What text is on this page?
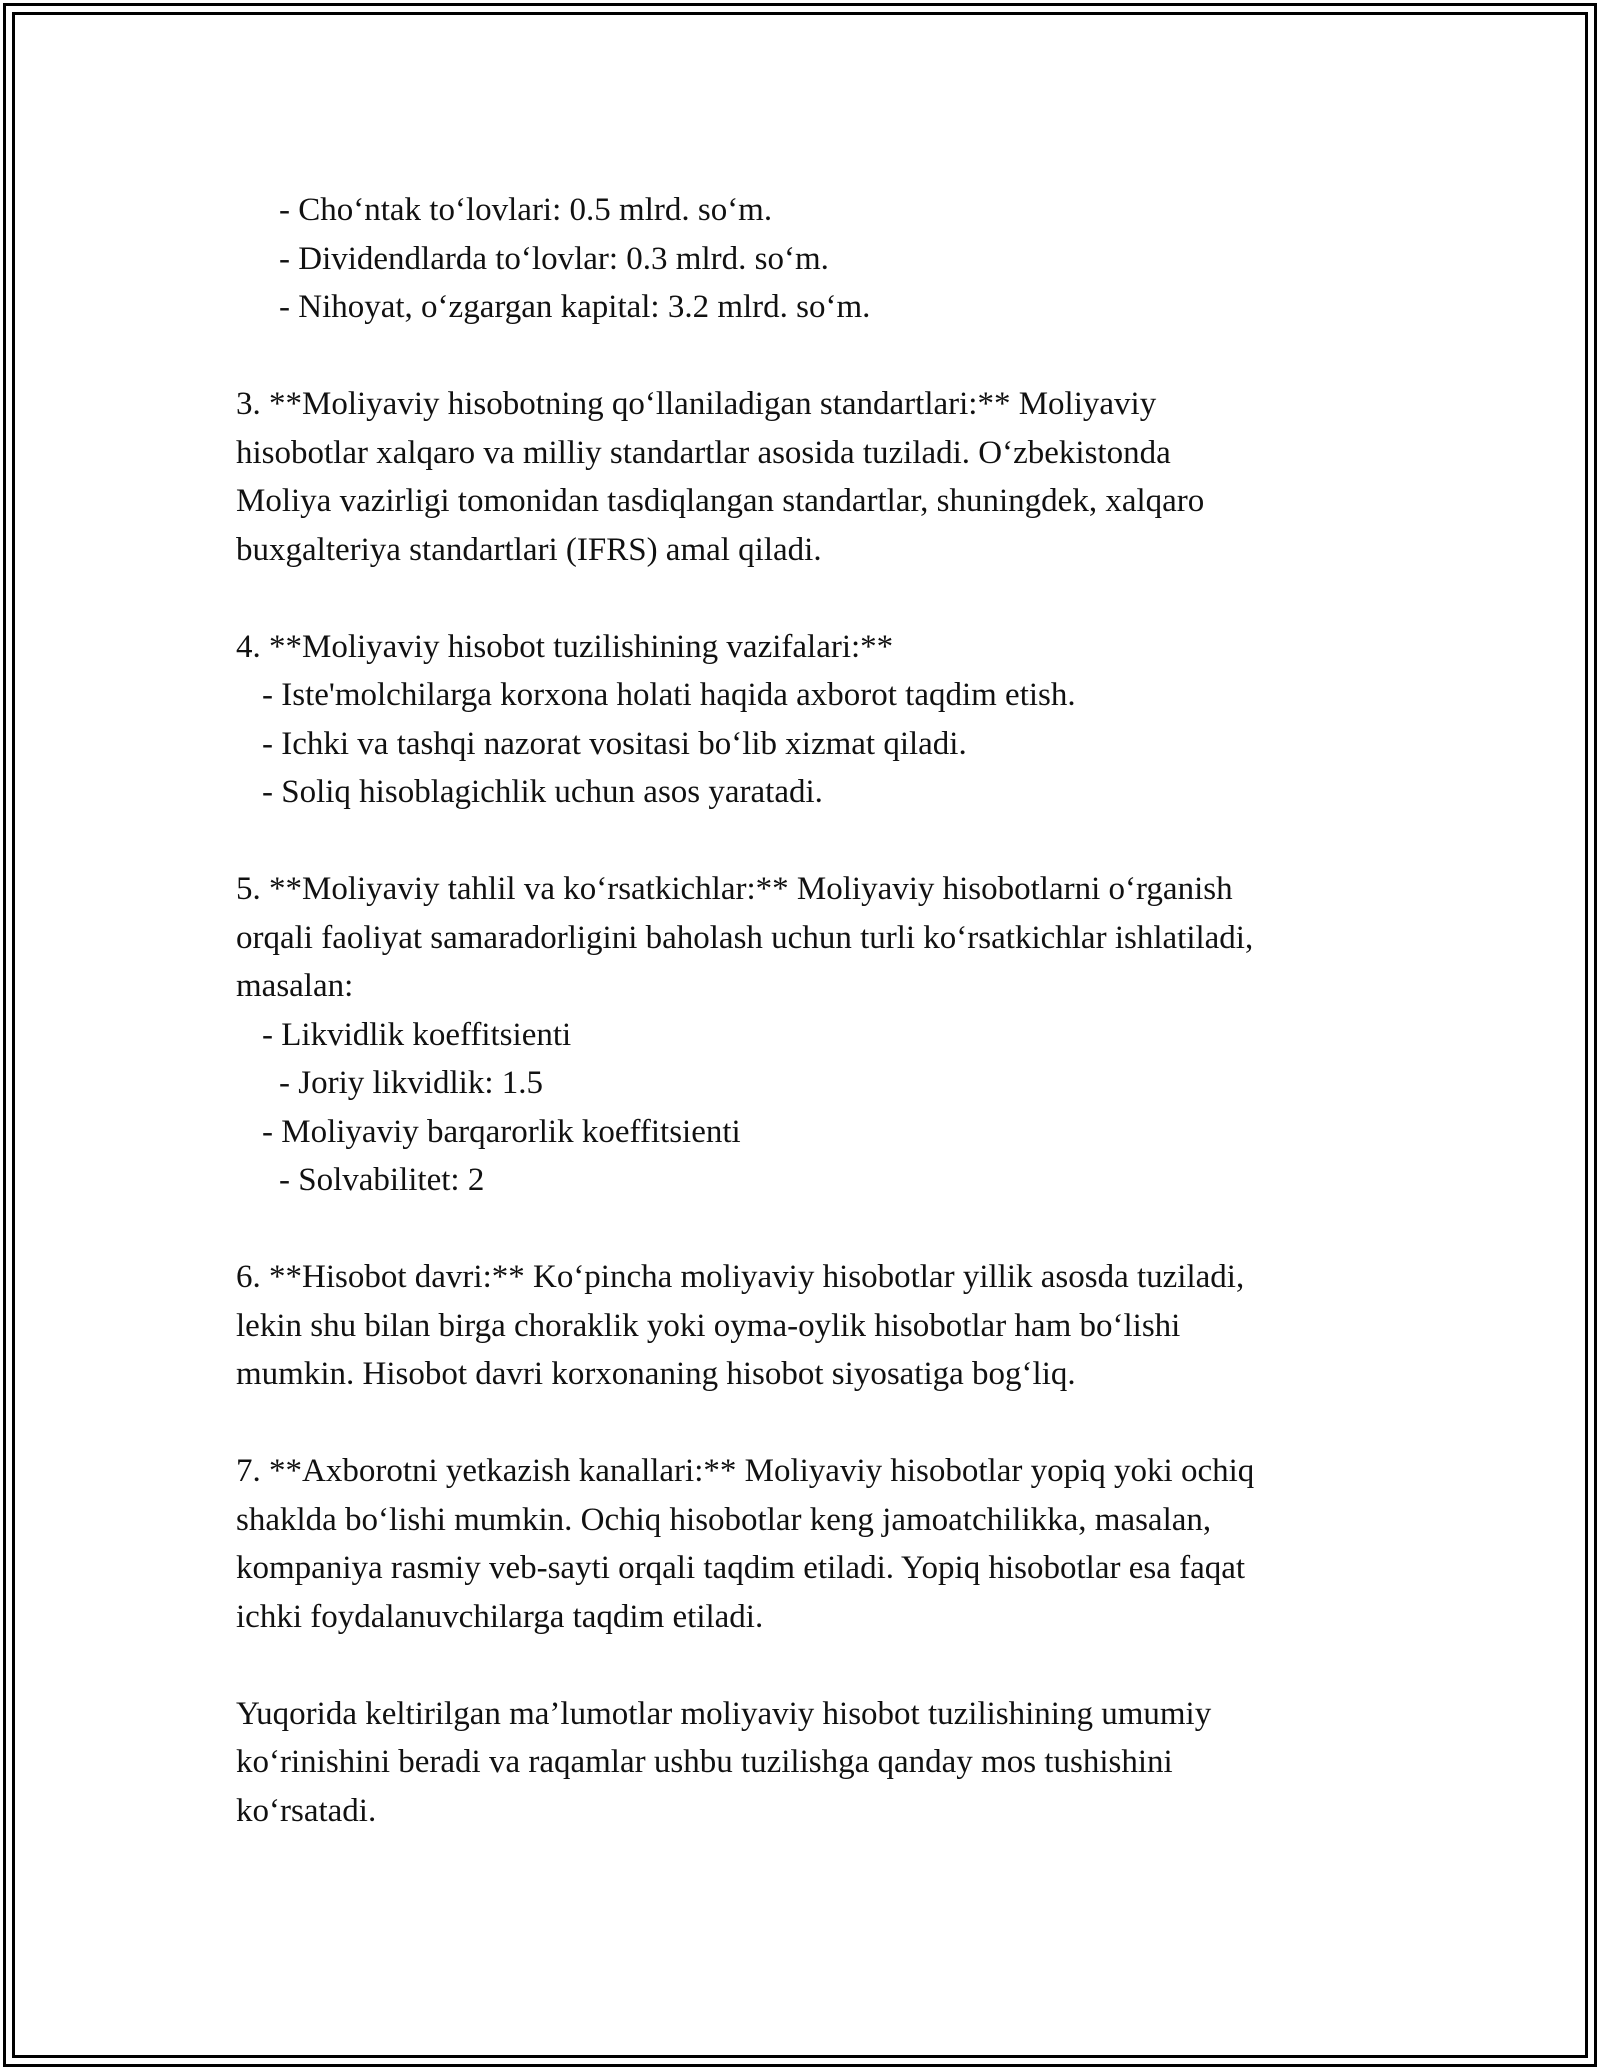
- Cho‘ntak to‘lovlari: 0.5 mlrd. so‘m.
- Dividendlarda to‘lovlar: 0.3 mlrd. so‘m.
- Nihoyat, o‘zgargan kapital: 3.2 mlrd. so‘m.
3. **Moliyaviy hisobotning qo‘llaniladigan standartlari:** Moliyaviy
hisobotlar xalqaro va milliy standartlar asosida tuziladi. O‘zbekistonda
Moliya vazirligi tomonidan tasdiqlangan standartlar, shuningdek, xalqaro
buxgalteriya standartlari (IFRS) amal qiladi.
4. **Moliyaviy hisobot tuzilishining vazifalari:**
- Iste'molchilarga korxona holati haqida axborot taqdim etish.
- Ichki va tashqi nazorat vositasi bo‘lib xizmat qiladi.
- Soliq hisoblagichlik uchun asos yaratadi.
5. **Moliyaviy tahlil va ko‘rsatkichlar:** Moliyaviy hisobotlarni o‘rganish
orqali faoliyat samaradorligini baholash uchun turli ko‘rsatkichlar ishlatiladi,
masalan:
- Likvidlik koeffitsienti
- Joriy likvidlik: 1.5
- Moliyaviy barqarorlik koeffitsienti
- Solvabilitet: 2
6. **Hisobot davri:** Ko‘pincha moliyaviy hisobotlar yillik asosda tuziladi,
lekin shu bilan birga choraklik yoki oyma-oylik hisobotlar ham bo‘lishi
mumkin. Hisobot davri korxonaning hisobot siyosatiga bog‘liq.
7. **Axborotni yetkazish kanallari:** Moliyaviy hisobotlar yopiq yoki ochiq
shaklda bo‘lishi mumkin. Ochiq hisobotlar keng jamoatchilikka, masalan,
kompaniya rasmiy veb-sayti orqali taqdim etiladi. Yopiq hisobotlar esa faqat
ichki foydalanuvchilarga taqdim etiladi.
Yuqorida keltirilgan ma’lumotlar moliyaviy hisobot tuzilishining umumiy
ko‘rinishini beradi va raqamlar ushbu tuzilishga qanday mos tushishini
ko‘rsatadi.
